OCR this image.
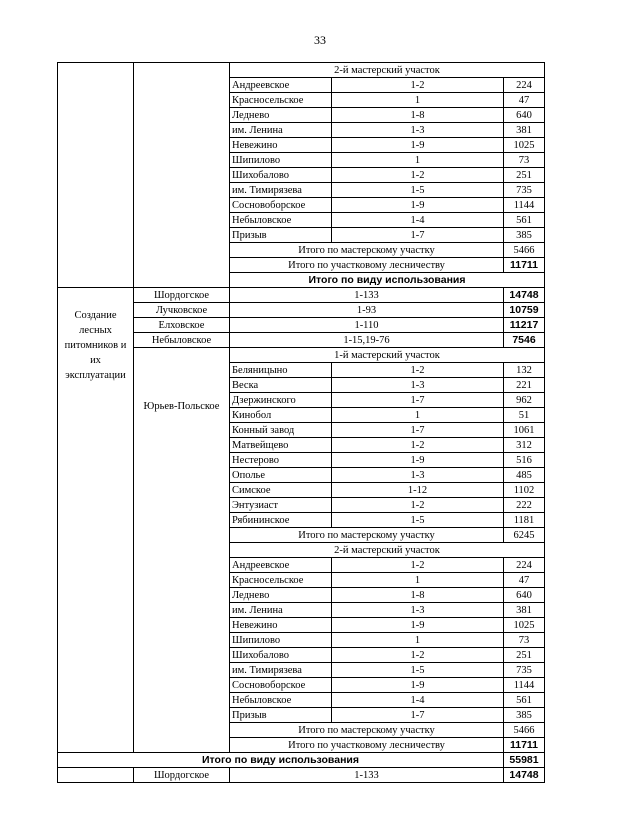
33
		2-й мастерский участок			
		Андреевское	1-2	224	
		Красносельское	1	47	
		Леднево	1-8	640	
		им. Ленина	1-3	381	
		Невежино	1-9	1025	
		Шипилово	1	73	
		Шихобалово	1-2	251	
		им. Тимирязева	1-5	735	
		Сосновоборское	1-9	1144	
		Небыловское	1-4	561	
		Призыв	1-7	385	
		Итого по мастерскому участку		5466	
		Итого по участковому лесничеству		11711	
		Итого по виду использования	
Создание лесных питомников и их эксплуатации	Шордогское	1-133		14748	
	Лучковское	1-93		10759	
	Елховское	1-110		11217	
	Небыловское	1-15,19-76		7546	
	Юрьев-Польское	1-й мастерский участок			
		Беляницыно	1-2	132	
		Веска	1-3	221	
		Дзержинского	1-7	962	
		Кинобол	1	51	
		Конный завод	1-7	1061	
		Матвейщево	1-2	312	
		Нестерово	1-9	516	
		Ополье	1-3	485	
		Симское	1-12	1102	
		Энтузиаст	1-2	222	
		Рябининское	1-5	1181	
		Итого по мастерскому участку		6245	
		2-й мастерский участок			
		Андреевское	1-2	224	
		Красносельское	1	47	
		Леднево	1-8	640	
		им. Ленина	1-3	381	
		Невежино	1-9	1025	
		Шипилово	1	73	
		Шихобалово	1-2	251	
		им. Тимирязева	1-5	735	
		Сосновоборское	1-9	1144	
		Небыловское	1-4	561	
		Призыв	1-7	385	
		Итого по мастерскому участку		5466	
		Итого по участковому лесничеству		11711	
Итого по виду использования				55981	
	Шордогское	1-133		14748	
